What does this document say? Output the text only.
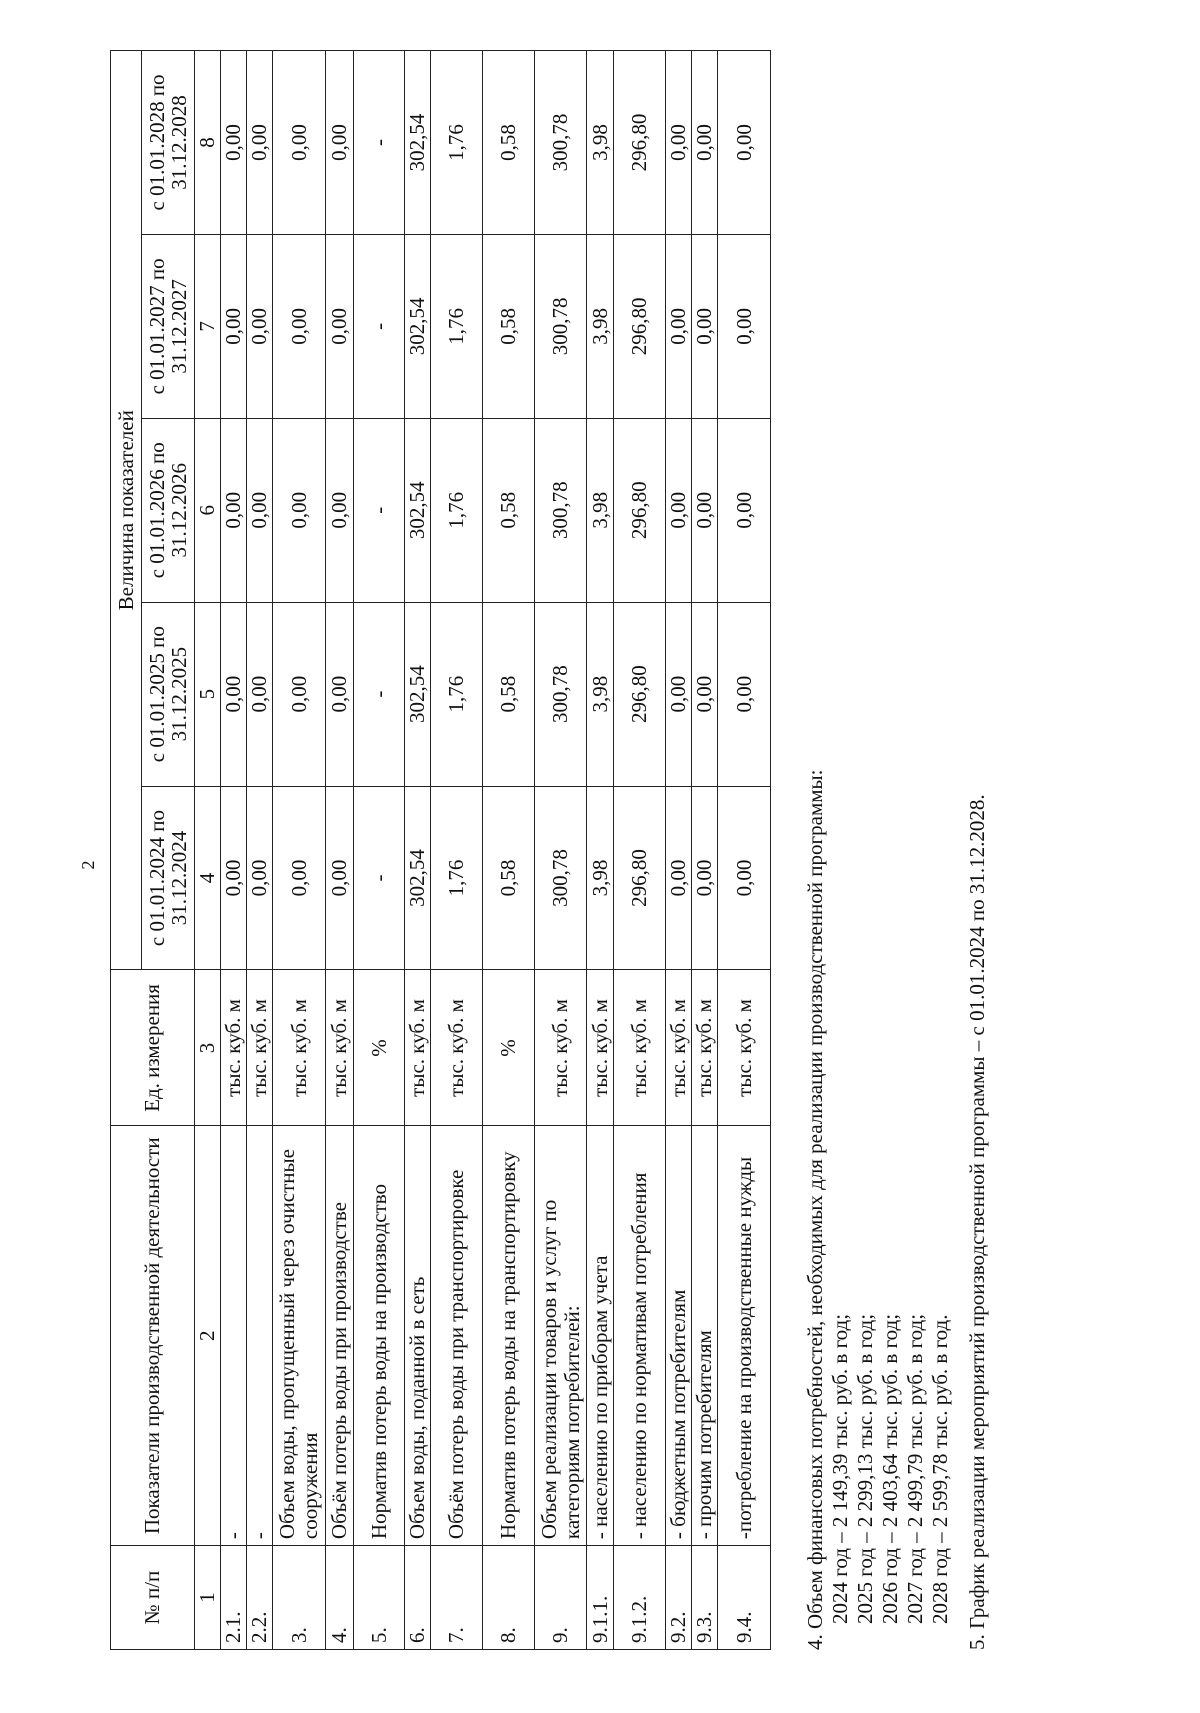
2
№ п/п	Показатели производственной деятельности	Ед. измерения	Величина показателей				
			с 01.01.2024 по 31.12.2024	с 01.01.2025 по 31.12.2025	с 01.01.2026 по 31.12.2026	с 01.01.2027 по 31.12.2027	с 01.01.2028 по 31.12.2028
1	2	3	4	5	6	7	8
2.1.	-	тыс. куб. м	0,00	0,00	0,00	0,00	0,00
2.2.	-	тыс. куб. м	0,00	0,00	0,00	0,00	0,00
3.	Объем воды, пропущенный через очистные сооружения	тыс. куб. м	0,00	0,00	0,00	0,00	0,00
4.	Объём потерь воды при производстве	тыс. куб. м	0,00	0,00	0,00	0,00	0,00
5.	Норматив потерь воды на производство	%	-	-	-	-	-
6.	Объем воды, поданной в сеть	тыс. куб. м	302,54	302,54	302,54	302,54	302,54
7.	Объём потерь воды при транспортировке	тыс. куб. м	1,76	1,76	1,76	1,76	1,76
8.	Норматив потерь воды на транспортировку	%	0,58	0,58	0,58	0,58	0,58
9.	Объем реализации товаров и услуг по категориям потребителей:	тыс. куб. м	300,78	300,78	300,78	300,78	300,78
9.1.1.	- населению по приборам учета	тыс. куб. м	3,98	3,98	3,98	3,98	3,98
9.1.2.	- населению по нормативам потребления	тыс. куб. м	296,80	296,80	296,80	296,80	296,80
9.2.	- бюджетным потребителям	тыс. куб. м	0,00	0,00	0,00	0,00	0,00
9.3.	- прочим потребителям	тыс. куб. м	0,00	0,00	0,00	0,00	0,00
9.4.	-потребление на производственные нужды	тыс. куб. м	0,00	0,00	0,00	0,00	0,00
4. Объем финансовых потребностей, необходимых для реализации производственной программы: 2024 год – 2 149,39 тыс. руб. в год; 2025 год – 2 299,13 тыс. руб. в год; 2026 год – 2 403,64 тыс. руб. в год; 2027 год – 2 499,79 тыс. руб. в год; 2028 год – 2 599,78 тыс. руб. в год. 5. График реализации мероприятий производственной программы – с 01.01.2024 по 31.12.2028.
